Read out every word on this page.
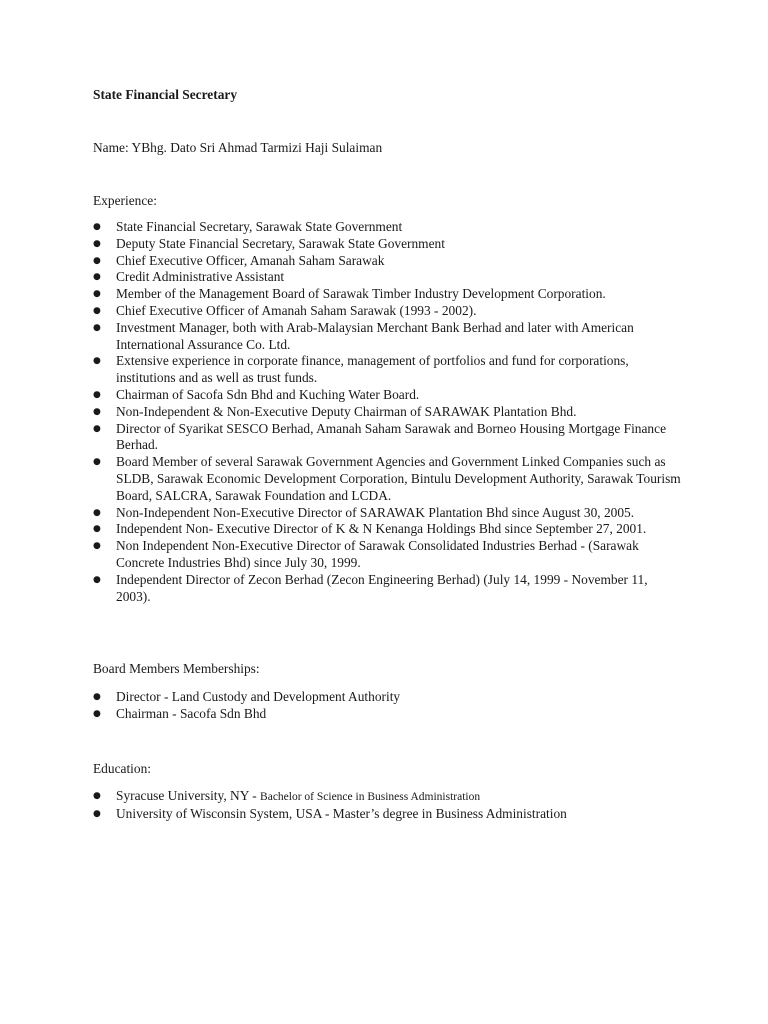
State Financial Secretary
Name: YBhg. Dato Sri Ahmad Tarmizi Haji Sulaiman
Experience:
●	State Financial Secretary, Sarawak State Government
●	Deputy State Financial Secretary, Sarawak State Government
●	Chief Executive Officer, Amanah Saham Sarawak
●	Credit Administrative Assistant
●	Member of the Management Board of Sarawak Timber Industry Development Corporation.
●	Chief Executive Officer of Amanah Saham Sarawak (1993 - 2002).
●	Investment Manager, both with Arab-Malaysian Merchant Bank Berhad and later with American International Assurance Co. Ltd.
●	Extensive experience in corporate finance, management of portfolios and fund for corporations, institutions and as well as trust funds.
●	Chairman of Sacofa Sdn Bhd and Kuching Water Board.
●	Non-Independent & Non-Executive Deputy Chairman of SARAWAK Plantation Bhd.
●	Director of Syarikat SESCO Berhad, Amanah Saham Sarawak and Borneo Housing Mortgage Finance Berhad.
●	Board Member of several Sarawak Government Agencies and Government Linked Companies such as SLDB, Sarawak Economic Development Corporation, Bintulu Development Authority, Sarawak Tourism Board, SALCRA, Sarawak Foundation and LCDA.
●	Non-Independent Non-Executive Director of SARAWAK Plantation Bhd since August 30, 2005.
●	Independent Non- Executive Director of K & N Kenanga Holdings Bhd since September 27, 2001.
●	Non Independent Non-Executive Director of Sarawak Consolidated Industries Berhad - (Sarawak Concrete Industries Bhd) since July 30, 1999.
●	Independent Director of Zecon Berhad (Zecon Engineering Berhad) (July 14, 1999 - November 11, 2003).
Board Members Memberships:
●	Director - Land Custody and Development Authority
●	Chairman - Sacofa Sdn Bhd
Education:
●	Syracuse University, NY - Bachelor of Science in Business Administration
●	University of Wisconsin System, USA - Master’s degree in Business Administration
